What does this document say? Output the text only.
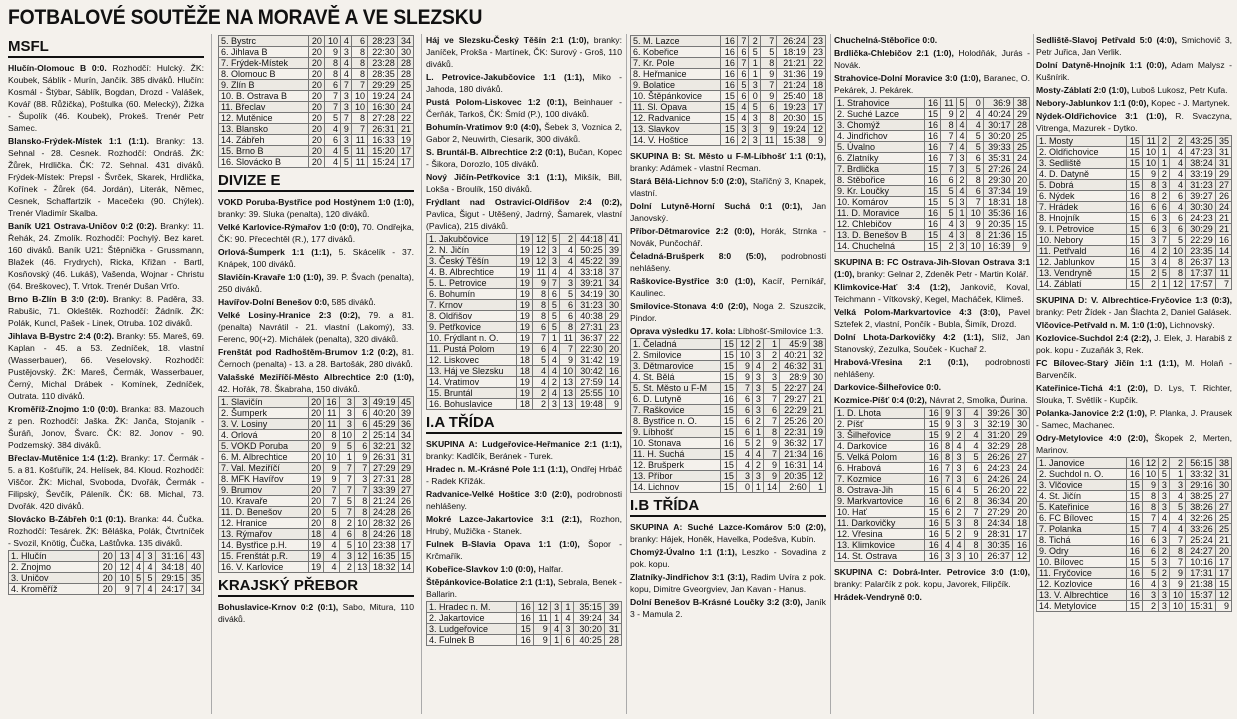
FOTBALOVÉ SOUTĚŽE NA MORAVĚ A VE SLEZSKU
MSFL

Hlučín-Olomouc B 0:0. Rozhodčí: Hulcký. ŽK: Koubek, Sáblík - Murín, Jančík. 385 diváků. Hlučín: Kosmál - Štýbar, Sáblík, Bogdan, Drozd - Valášek, Kovář (88. Růžička), Poštulka (60. Melecký), Žižka - Šupolík (46. Koubek), Prokeš. Trenér Petr Samec.

Blansko-Frýdek-Místek 1:1 (1:1). Branky: 13. Sehnal - 28. Cesnek. Rozhodčí: Ondráš. ŽK: Žůrek, Hrdlička. ČK: 72. Sehnal. 431 diváků. Frýdek-Místek: Prepsl - Švrček, Skarek, Hrdlička, Kořínek - Žůrek (64. Jordán), Literák, Němec, Cesnek, Schaffartzik - Macečekı (90. Chýlek). Trenér Vladimír Skalba.

Baník U21 Ostrava-Uničov 0:2 (0:2). Branky: 11. Řehák, 24. Zmolík. Rozhodčí: Pochylý. Bez karet. 160 diváků. Baník U21: Štěpnička - Grussmann, Blažek (46. Frydrych), Ricka, Křižan - Bartl, Kosňovský (46. Lukáš), Vašendа, Wojnar - Christu (64. Breškovec), T. Vrtok. Trenér Dušan Vrťo.

Brno B-Zlín B 3:0 (2:0). Branky: 8. Paděra, 33. Rabušic, 71. Okleštěk. Rozhodčí: Žádník. ŽK: Polák, Kuncl, Pašek - Linek, Otruba. 102 diváků.

Jihlava B-Bystrc 2:4 (0:2). Branky: 55. Mareš, 69. Kaplan - 45. a 53. Zedníček, 18. vlastní (Wasserbauer), 66. Veselovský. Rozhodčí: Pustějovský. ŽK: Mareš, Čermák, Wasserbauer, Černý, Michal Drábek - Komínek, Zedníček, Outrata. 110 diváků.

Kroměříž-Znojmo 1:0 (0:0). Branka: 83. Mazouch z pen. Rozhodčí: Jaška. ŽK: Janča, Stojaník - Šuráň, Jonov, Švarc. ČK: 82. Jonov - 90. Podzemský. 384 diváků.

Břeclav-Mutěnice 1:4 (1:2). Branky: 17. Čermák - 5. a 81. Košťuřík, 24. Helísek, 84. Kloud. Rozhodčí: Viščor. ŽK: Michal, Svoboda, Dvořák, Čermák - Filipský, Ševčík, Páleník. ČK: 68. Michal, 73. Dvořák. 420 diváků.

Slovácko B-Zábřeh 0:1 (0:1). Branka: 44. Čučka. Rozhodčí: Tesárek. ŽK: Běláška, Polák, Čtvrtníček - Svozil, Knötig, Čučka, Laštůvka. 135 diváků.

1. Hlučín	20	13	4	3	31:16	43
2. Znojmo	20	12	4	4	34:18	40
3. Uničov	20	10	5	5	29:15	35
4. Kroměříž	20	9	7	4	24:17	34
5. Bystrc	20	10	4	6	28:23	34
6. Jihlava B	20	9	3	8	22:30	30
7. Frýdek-Místek	20	8	4	8	23:28	28
8. Olomouc B	20	8	4	8	28:35	28
9. Zlín B	20	6	7	7	29:29	25
10. B. Ostrava B	20	7	3	10	19:24	24
11. Břeclav	20	7	3	10	16:30	24
12. Mutěnice	20	5	7	8	27:28	22
13. Blansko	20	4	9	7	26:31	21
14. Zábřeh	20	6	3	11	16:33	19
15. Brno B	20	4	5	11	15:20	17
16. Slovácko B	20	4	5	11	15:24	17
DIVIZE E

VOKD Poruba-Bystřice pod Hostýnem 1:0 (1:0), branky: 39. Sluka (penalta), 120 diváků.

Velké Karlovice-Rýmařov 1:0 (0:0), 70. Ondřejka, ČK: 90. Přecechtěl (R.), 177 diváků.

Orlová-Šumperk 1:1 (1:1), 5. Skácelík - 37. Knápek, 100 diváků.

Slavičín-Kravaře 1:0 (1:0), 39. P. Švach (penalta), 250 diváků.

Havířov-Dolní Benešov 0:0, 585 diváků.

Velké Losiny-Hranice 2:3 (0:2), 79. a 81. (penalta) Navrátil - 21. vlastní (Lakomý), 33. Ferenc, 90(+2). Michálek (penalta), 320 diváků.

Frenštát pod Radhoštěm-Brumov 1:2 (0:2), 81. Černoch (penalta) - 13. a 28. Bartošák, 280 diváků.

Valašské Meziříčí-Město Albrechtice 2:0 (1:0), 42. Hořák, 78. Škabraha, 150 diváků.

1. Slavičín	20	16	3	3	49:19	45
2. Šumperk	20	11	3	6	40:20	39
3. V. Losiny	20	11	3	6	45:29	36
4. Orlová	20	8	10	2	25:14	34
5. VOKD Poruba	20	9	5	6	32:21	32
6. M. Albrechtice	20	10	1	9	26:31	31
7. Val. Meziříčí	20	9	7	7	27:29	29
8. MFK Havířov	19	9	7	3	27:31	28
9. Brumov	20	7	7	7	33:39	27
10. Kravaře	20	7	5	8	21:24	26
11. D. Benešov	20	5	7	8	24:28	26
12. Hranice	20	8	2	10	28:32	26
13. Rýmařov	18	4	6	8	24:26	18
14. Bystřice p.H.	19	4	5	10	23:38	17
15. Frenštát p.R.	19	4	3	12	16:35	15
16. V. Karlovice	19	4	2	13	18:32	14
KRAJSKÝ PŘEBOR

Bohuslavice-Krnov 0:2 (0:1), Sabo, Mitura, 110 diváků.

Háj ve Slezsku-Český Těšín 2:1 (1:0), branky: Janíček, Prokša - Martínek, ČK: Surový - Groš, 110 diváků.

L. Petrovice-Jakubčovice 1:1 (1:1), Miko - Jahoda, 180 diváků.

Pustá Polom-Liskovec 1:2 (0:1), Beinhauer - Čerňák, Tarkoš, ČK: Šmíd (P.), 100 diváků.

Bohumín-Vratimov 9:0 (4:0), Šebek 3, Voznica 2, Gabor 2, Neuwirth, Ciesarik, 300 diváků.

S. Bruntál-B. Albrechtice 2:2 (0:1), Bučan, Kopec - Šikora, Dorozlo, 105 diváků.

Nový Jičín-Petřkovice 3:1 (1:1), Mikšík, Bill, Lokša - Broulík, 150 diváků.

Frýdlant nad Ostravicí-Oldřišov 2:4 (0:2), Pavlica, Šigut - Utěšený, Jadrný, Šamarek, vlastní (Pavlica), 215 diváků.

1. Jakubčovice	19	12	5	2	44:18	41
2. N. Jičín	19	12	3	4	50:25	39
3. Český Těšín	19	12	3	4	45:22	39
4. B. Albrechtice	19	11	4	4	33:18	37
5. L. Petrovice	19	9	7	3	39:21	34
6. Bohumín	19	8	6	5	34:19	30
7. Krnov	19	8	5	6	31:23	30
8. Oldřišov	19	8	5	6	40:38	29
9. Petřkovice	19	6	5	8	27:31	23
10. Frýdlant n. O.	19	7	1	11	36:37	22
11. Pustá Polom	19	6	4	7	22:30	20
12. Liskovec	18	5	4	9	31:42	19
13. Háj ve Slezsku	18	4	4	10	30:42	16
14. Vratimov	19	4	2	13	27:59	14
15. Bruntál	19	2	4	13	25:55	10
16. Bohuslavice	18	2	3	13	19:48	9
I.A TŘÍDA

SKUPINA A: Ludgeřovice-Heřmanice 2:1 (1:1), branky: Kadlčík, Beránek - Turek.

Hradec n. M.-Krásné Pole 1:1 (1:1), Ondřej Hrbáč - Radek Křížák.

Radvanice-Velké Hoštice 3:0 (2:0), podrobnosti nehlášeny.

Mokré Lazce-Jakartovice 3:1 (2:1), Rozhon, Hrubý, Mužička - Stanek.

Fulnek B-Slavia Opava 1:1 (1:0), Šopor - Krčmařík.

Kobeřice-Slavkov 1:0 (0:0), Halfar.

Štěpánkovice-Bolatice 2:1 (1:1), Sebrala, Benek - Ballarin.

1. Hradec n. M.	16	12	3	1	35:15	39
2. Jakartovice	16	11	1	4	39:24	34
3. Ludgeřovice	15	9	4	3	30:20	31
4. Fulnek B	16	9	1	6	40:25	28
5. M. Lazce	16	7	2	7	26:24	23
6. Kobeřice	16	6	5	5	18:19	23
7. Kr. Pole	16	7	1	8	21:21	22
8. Heřmanice	16	6	1	9	31:36	19
9. Bolatice	16	5	3	7	21:24	18
10. Štěpánkovice	15	6	0	9	25:40	18
11. Sl. Opava	15	4	5	6	19:23	17
12. Radvanice	15	4	3	8	20:30	15
13. Slavkov	15	3	3	9	19:24	12
14. V. Hoštice	16	2	3	11	15:38	9

SKUPINA B: St. Město u F-M-Líbhošť 1:1 (0:1), branky: Adámek - vlastní Recman.

Stará Bělá-Lichnov 5:0 (2:0), Staříčný 3, Knapek, vlastní.

Dolní Lutyně-Horní Suchá 0:1 (0:1), Jan Janovský.

Příbor-Dětmarovice 2:2 (0:0), Horák, Strnka - Novák, Punčochář.

Čeladná-Brušperk 8:0 (5:0), podrobnosti nehlášeny.

Raškovice-Bystřice 3:0 (1:0), Kacíř, Perníkář, Kaulinec.

Smilovice-Stonava 4:0 (2:0), Noga 2. Szuszcik, Pindor.

Oprava výsledku 17. kola: Líbhošť-Smilovice 1:3.

1. Čeladná	15	12	2	1	45:9	38
2. Smilovice	15	10	3	2	40:21	32
3. Dětmarovice	15	9	4	2	46:32	31
4. St. Bělá	15	9	3	3	28:9	30
5. St. Město u F-M	15	7	3	5	22:27	24
6. D. Lutyně	16	6	3	7	29:27	21
7. Raškovice	15	6	3	6	22:29	21
8. Bystřice n. O.	15	6	2	7	25:26	20
9. Líbhošť	15	6	1	8	22:31	19
10. Stonava	16	5	2	9	36:32	17
11. H. Suchá	15	4	4	7	21:34	16
12. Brušperk	15	4	2	9	16:31	14
13. Příbor	15	3	3	9	20:35	12
14. Lichnov	15	0	1	14	2:60	1
I.B TŘÍDA

SKUPINA A: Suché Lazce-Komárov 5:0 (2:0), branky: Hájek, Honěk, Havelka, Podešva, Kubín.

Chomýž-Úvalno 1:1 (1:1), Leszko - Sovadina z pok. kopu.

Zlatníky-Jindřichov 3:1 (3:1), Radim Uvíra z pok. kopu, Dimitre Gvеorgviev, Jan Kavan - Hanus.

Dolní Benešov B-Krásné Loučky 3:2 (3:0), Janík 3 - Mamula 2.

Chuchelná-Stěbořice 0:0.

Brdlička-Chlebičov 2:1 (1:0), Holodňák, Jurás - Novák.

Strahovice-Dolní Moravice 3:0 (1:0), Baranec, O. Pekárek, J. Pekárek.

1. Strahovice	16	11	5	0	36:9	38
2. Suché Lazce	15	9	2	4	40:24	29
3. Chomýž	16	8	4	4	30:17	28
4. Jindřichov	16	7	4	5	30:20	25
5. Úvalno	16	7	4	5	39:33	25
6. Zlatníky	16	7	3	6	35:31	24
7. Brdlička	15	7	3	5	27:26	24
8. Stěbořice	16	6	2	8	29:30	20
9. Kr. Loučky	15	5	4	6	37:34	19
10. Komárov	15	5	3	7	18:31	18
11. D. Moravice	16	5	1	10	35:36	16
12. Chlebičov	16	4	3	9	20:35	15
13. D. Benešov B	15	4	3	8	21:36	15
14. Chuchelná	15	2	3	10	16:39	9

SKUPINA B: FC Ostrava-Jih-Slovan Ostrava 3:1 (1:0), branky: Gelnar 2, Zdeněk Petr - Martin Kolář.

Klimkovice-Hať 3:4 (1:2), Jankovič, Koval, Teichmann - Vítkovský, Kegel, Macháček, Klimeš.

Velká Polom-Markvartovice 4:3 (3:0), Pavel Sztefek 2, vlastní, Pončík - Bubla, Šimík, Drozd.

Dolní Lhota-Darkovičky 4:2 (1:1), Slíž, Jan Stanovský, Zezulka, Souček - Kuchař 2.

Hrabová-Vřesina 2:1 (0:1), podrobnosti nehlášeny.

Darkovice-Šilheřovice 0:0.

Kozmice-Píšť 0:4 (0:2), Návrat 2, Smolka, Ďurina.

1. D. Lhota	16	9	3	4	39:26	30
2. Píšť	15	9	3	3	32:19	30
3. Šilheřovice	15	9	2	4	31:20	29
4. Darkovice	16	8	4	4	32:29	28
5. Velká Polom	16	8	3	5	26:26	27
6. Hrabová	16	7	3	6	24:23	24
7. Kozmice	16	7	3	6	24:26	24
8. Ostrava-Jih	15	6	4	5	26:20	22
9. Markvartovice	16	6	2	8	36:34	20
10. Hať	15	6	2	7	27:29	20
11. Darkovičky	16	5	3	8	24:34	18
12. Vřesina	16	5	2	9	28:31	17
13. Klimkovice	16	4	4	8	30:35	16
14. St. Ostrava	16	3	3	10	26:37	12

SKUPINA C: Dobrá-Inter. Petrovice 3:0 (1:0), branky: Palarčík z pok. kopu, Javorek, Filipčík.

Hrádek-Vendryně 0:0.

Sedliště-Slavoj Petřvald 5:0 (4:0), Smichovič 3, Petr Juřica, Jan Verlik.

Dolní Datyně-Hnojník 1:1 (0:0), Adam Malysz - Kušnírik.

Mosty-Záblatí 2:0 (1:0), Luboš Lukosz, Petr Kufa.

Nebory-Jablunkov 1:1 (0:0), Kopec - J. Martynek.

Nýdek-Oldřichovice 3:1 (1:0), R. Svaczyna, Vitrenga, Mazurek - Dytko.

1. Mosty	15	11	2	2	43:25	35
2. Oldřichovice	15	10	1	4	47:23	31
3. Sedliště	15	10	1	4	38:24	31
4. D. Datyně	15	9	2	4	33:19	29
5. Dobrá	15	8	3	4	31:23	27
6. Nýdek	16	8	2	6	39:27	26
7. Hrádek	16	6	6	4	30:30	24
8. Hnojník	15	6	3	6	24:23	21
9. I. Petrovice	15	6	3	6	30:29	21
10. Nebory	15	3	7	5	22:29	16
11. Petřvald	16	4	2	10	23:35	14
12. Jablunkov	15	3	4	8	26:37	13
13. Vendryně	15	2	5	8	17:37	11
14. Záblatí	15	2	1	12	17:57	7

SKUPINA D: V. Albrechtice-Fryčovice 1:3 (0:3), branky: Petr Žídek - Jan Šlachta 2, Daniel Galásek.

Vlčovice-Petřvald n. M. 1:0 (1:0), Lichnovský.

Kozlovice-Suchdol 2:4 (2:2), J. Elek, J. Harabiš z pok. kopu - Zuzaňák 3, Rek.

FC Bílovec-Starý Jičín 1:1 (1:1), M. Holaň - Barvenčík.

Kateřinice-Tichá 4:1 (2:0), D. Lys, T. Richter, Slouka, T. Světlík - Kupčík.

Polanka-Janovice 2:2 (1:0), P. Planka, J. Prausek - Samec, Machanec.

Odry-Metylovice 4:0 (2:0), Škopek 2, Merten, Marinov.

1. Janovice	16	12	2	2	56:15	38
2. Suchdol n. O.	16	10	5	1	33:32	31
3. Vlčovice	15	9	3	3	29:16	30
4. St. Jičín	15	8	3	4	38:25	27
5. Kateřinice	16	8	3	5	38:26	27
6. FC Bílovec	15	7	4	4	32:26	25
7. Polanka	15	7	4	4	33:26	25
8. Tichá	16	6	3	7	25:24	21
9. Odry	16	6	2	8	24:27	20
10. Bílovec	15	5	3	7	10:16	17
11. Fryčovice	16	5	2	9	17:31	17
12. Kozlovice	16	4	3	9	21:38	15
13. V. Albrechtice	16	3	3	10	15:37	12
14. Metylovice	15	2	3	10	15:31	9
